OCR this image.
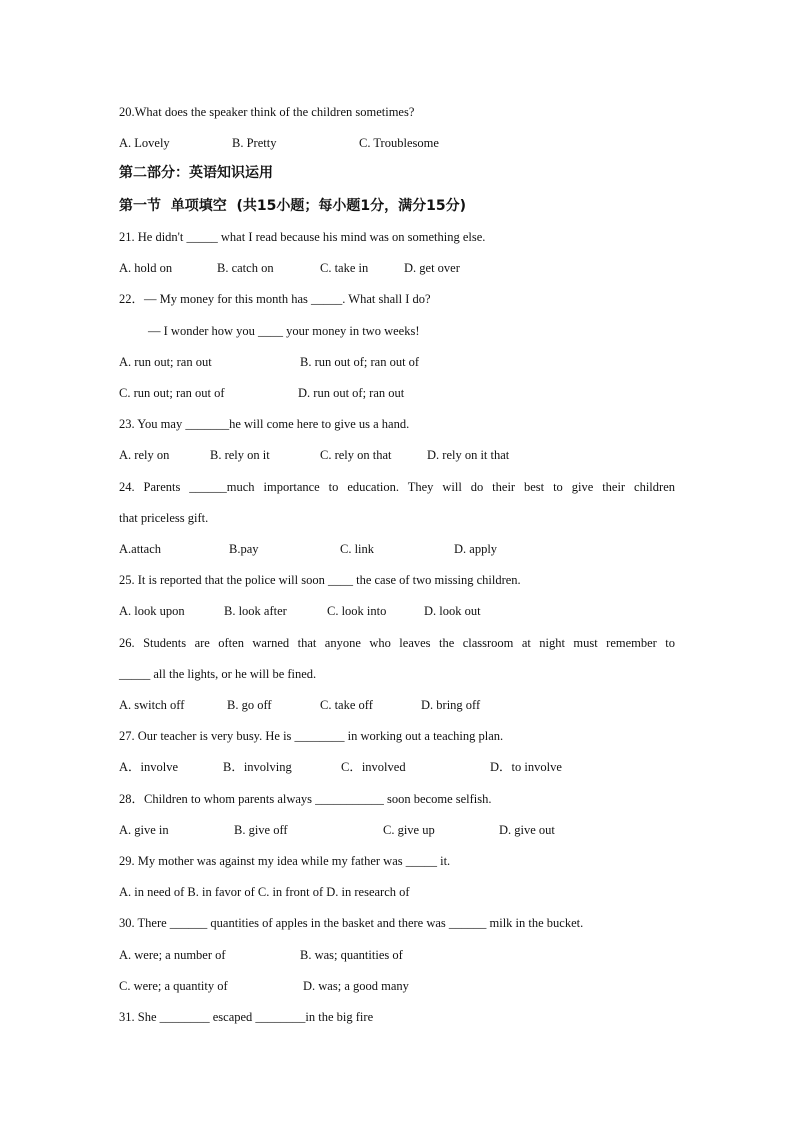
20.What does the speaker think of the children sometimes?
A. Lovely	B. Pretty	C. Troublesome
第二部分：英语知识运用
第一节  单项填空  (共15小题；每小题1分，满分15分)
21. He didn't _____ what I read because his mind was on something else.
A. hold on	B. catch on	C. take in	D. get over
22．— My money for this month has _____. What shall I do?
— I wonder how you ____ your money in two weeks!
A. run out; ran out	B. run out of; ran out of
C. run out; ran out of	D. run out of; ran out
23. You may _______he will come here to give us a hand.
A. rely on	B. rely on it	C. rely on that	D. rely on it that
24. Parents ______much importance to education. They will do their best to give their children
that priceless gift.
A.attach	B.pay	C. link	D. apply
25. It is reported that the police will soon ____ the case of two missing children.
A. look upon	B. look after	C. look into	D. look out
26. Students are often warned that anyone who leaves the classroom at night must remember to
_____ all the lights, or he will be fined.
A. switch off	B. go off	C. take off	D. bring off
27. Our teacher is very busy. He is ________ in working out a teaching plan.
A．involve	B．involving	C．involved	D．to involve
28．Children to whom parents always ___________ soon become selfish.
A. give in	B. give off	C. give up	D. give out
29. My mother was against my idea while my father was _____ it.
A. in need of B. in favor of C. in front of D. in research of
30. There ______ quantities of apples in the basket and there was ______ milk in the bucket.
A. were; a number of	B. was; quantities of
C. were; a quantity of	D. was; a good many
31. She ________ escaped ________in the big fire
